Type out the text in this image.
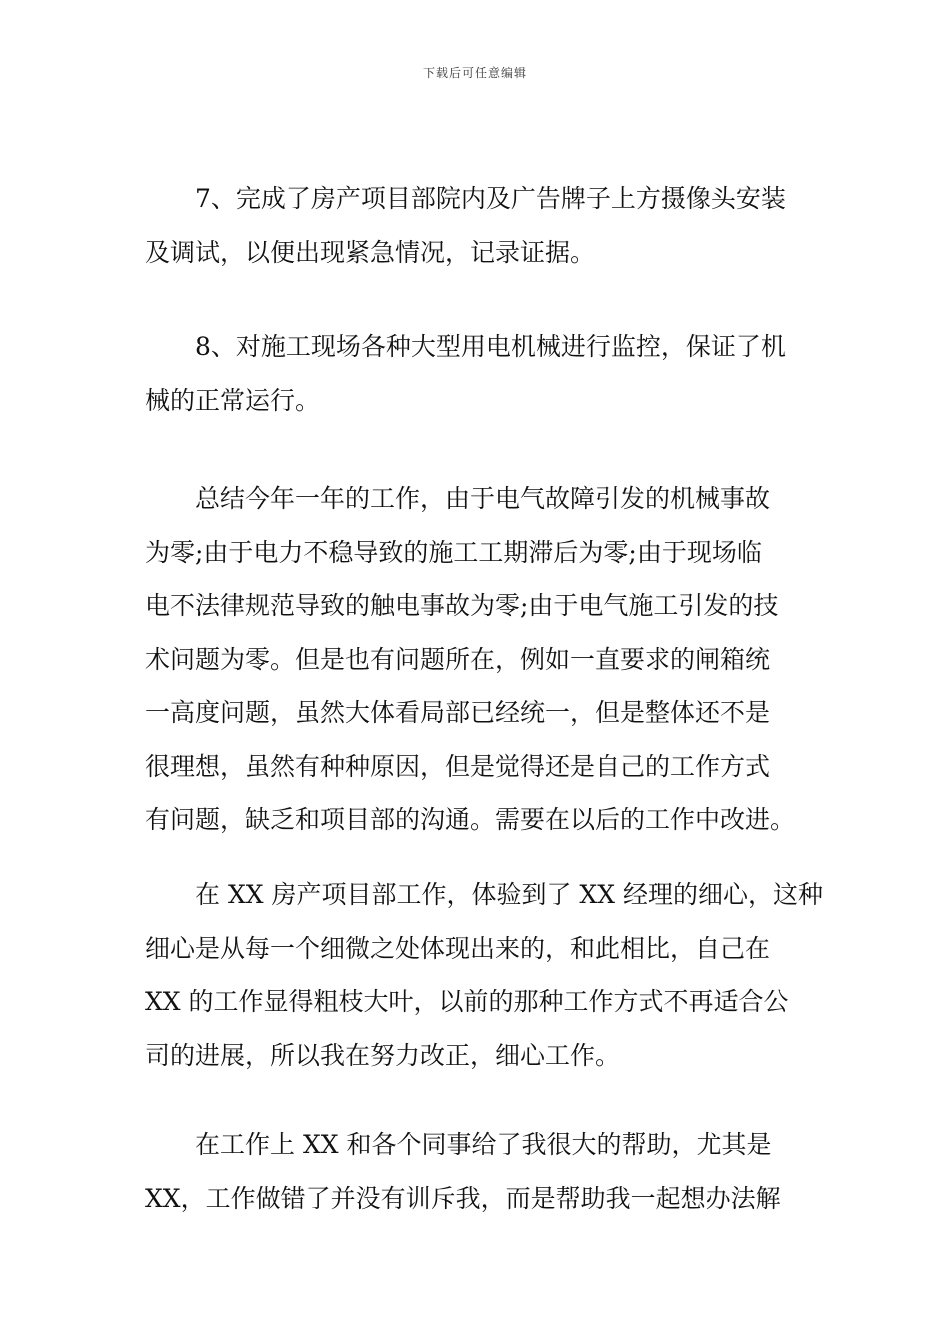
下载后可任意编辑
7、完成了房产项目部院内及广告牌子上方摄像头安装
及调试，以便出现紧急情况，记录证据。
8、对施工现场各种大型用电机械进行监控，保证了机
械的正常运行。
总结今年一年的工作，由于电气故障引发的机械事故
为零;由于电力不稳导致的施工工期滞后为零;由于现场临
电不法律规范导致的触电事故为零;由于电气施工引发的技
术问题为零。但是也有问题所在，例如一直要求的闸箱统
一高度问题，虽然大体看局部已经统一，但是整体还不是
很理想，虽然有种种原因，但是觉得还是自己的工作方式
有问题，缺乏和项目部的沟通。需要在以后的工作中改进。
在 XX 房产项目部工作，体验到了 XX 经理的细心，这种
细心是从每一个细微之处体现出来的，和此相比，自己在
XX 的工作显得粗枝大叶，以前的那种工作方式不再适合公
司的进展，所以我在努力改正，细心工作。
在工作上 XX 和各个同事给了我很大的帮助，尤其是
XX，工作做错了并没有训斥我，而是帮助我一起想办法解
